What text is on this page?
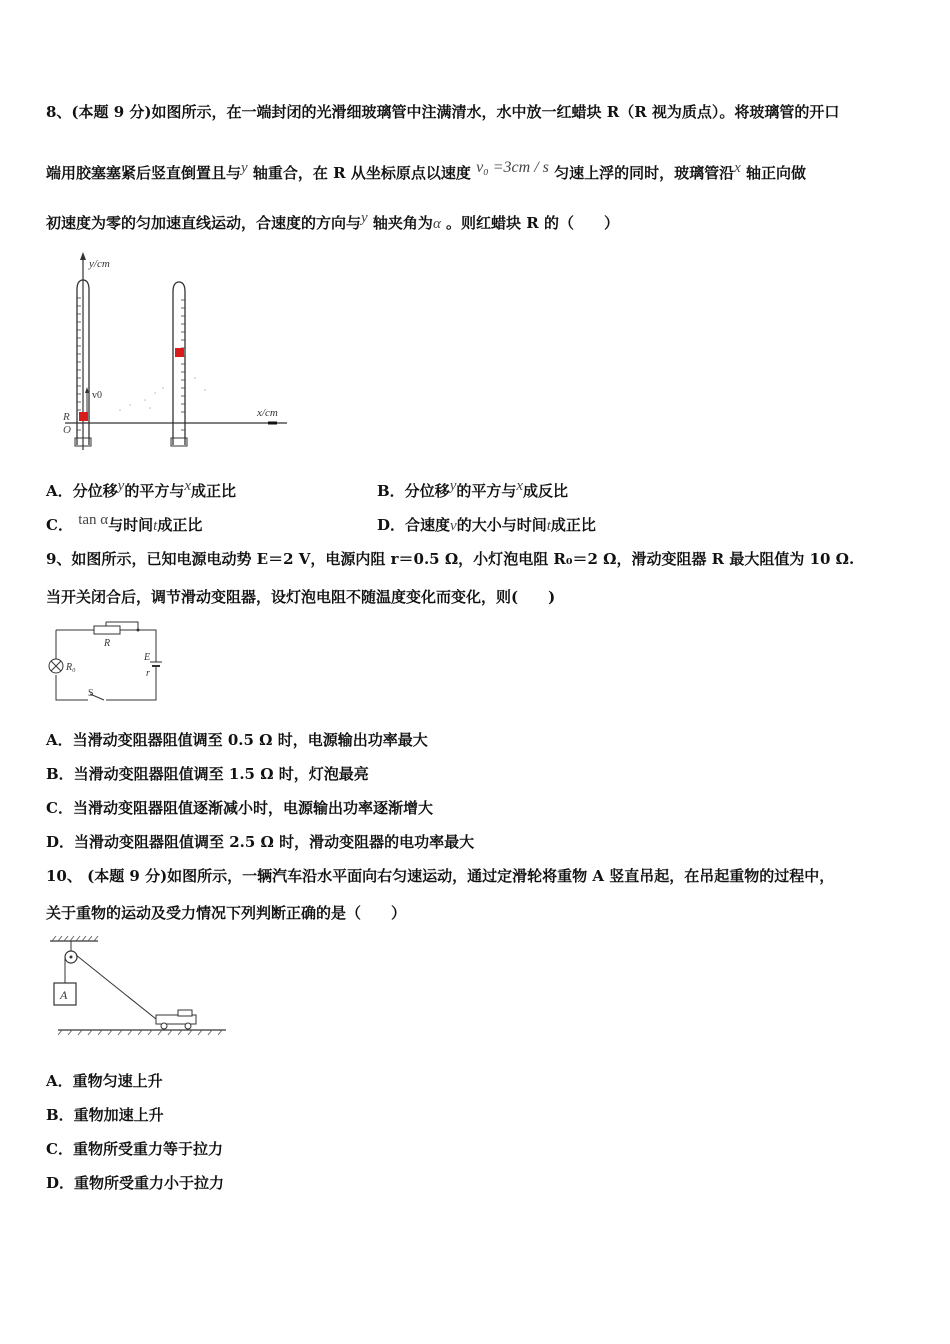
8、(本题 9 分)如图所示，在一端封闭的光滑细玻璃管中注满清水，水中放一红蜡块 R（R 视为质点）。将玻璃管的开口
端用胶塞塞紧后竖直倒置且与y 轴重合，在 R 从坐标原点以速度 v₀ =3cm / s 匀速上浮的同时，玻璃管沿x 轴正向做
初速度为零的匀加速直线运动，合速度的方向与y 轴夹角为α 。则红蜡块 R 的（　　）
y/cm
x/cm
v0
R
O
A．分位移y的平方与x成正比	B．分位移y的平方与x成反比
C． tan α与时间t成正比	D．合速度v的大小与时间t成正比
9、如图所示，已知电源电动势 E＝2 V，电源内阻 r＝0.5 Ω，小灯泡电阻 R₀＝2 Ω，滑动变阻器 R 最大阻值为 10 Ω.
当开关闭合后，调节滑动变阻器，设灯泡电阻不随温度变化而变化，则(　　)
R
R₀
E
r
S
A．当滑动变阻器阻值调至 0.5 Ω 时，电源输出功率最大
B．当滑动变阻器阻值调至 1.5 Ω 时，灯泡最亮
C．当滑动变阻器阻值逐渐减小时，电源输出功率逐渐增大
D．当滑动变阻器阻值调至 2.5 Ω 时，滑动变阻器的电功率最大
10、 (本题 9 分)如图所示，一辆汽车沿水平面向右匀速运动，通过定滑轮将重物 A 竖直吊起，在吊起重物的过程中，
关于重物的运动及受力情况下列判断正确的是（　　）
A
A．重物匀速上升
B．重物加速上升
C．重物所受重力等于拉力
D．重物所受重力小于拉力
